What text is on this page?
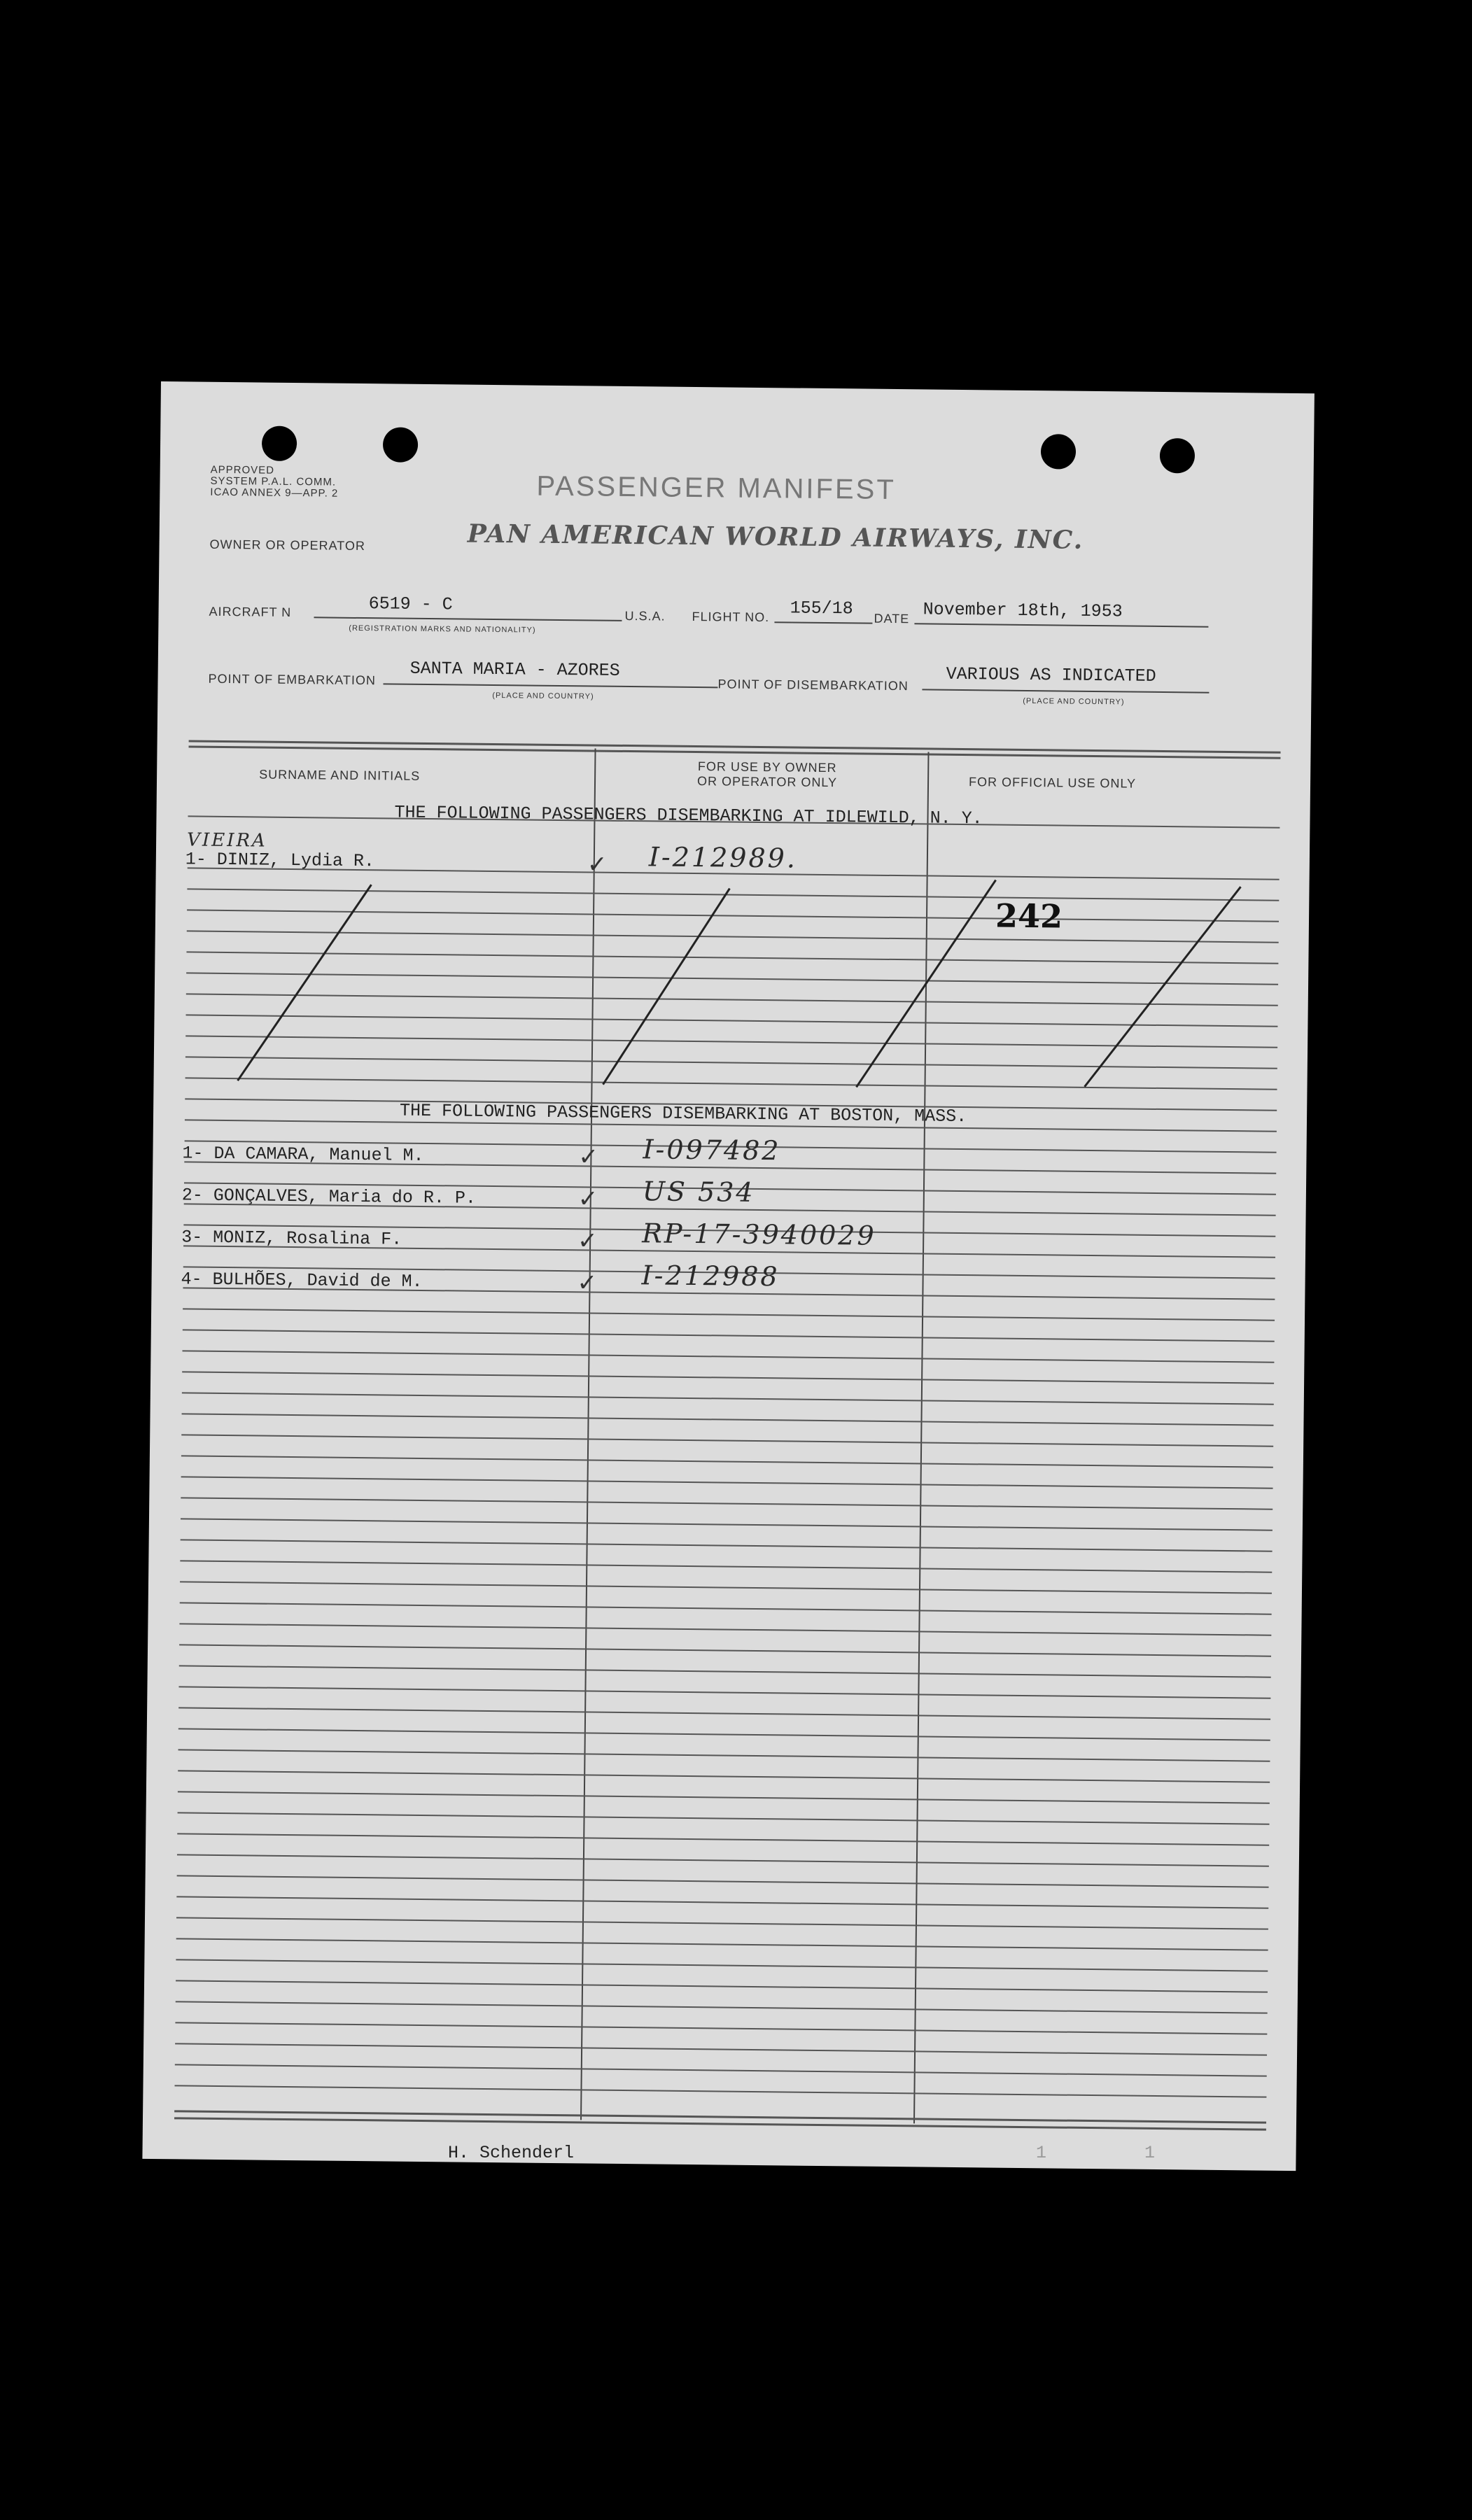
APPROVED
SYSTEM P.A.L. COMM.
ICAO ANNEX 9—APP. 2	PASSENGER MANIFEST
PAN AMERICAN WORLD AIRWAYS, INC.
OWNER OR OPERATOR
AIRCRAFT N	6519 - C
(REGISTRATION MARKS AND NATIONALITY)
U.S.A. FLIGHT NO. 155/18 DATE November 18th, 1953
POINT OF EMBARKATION SANTA MARIA - AZORES
(PLACE AND COUNTRY)
POINT OF DISEMBARKATION VARIOUS AS INDICATED
(PLACE AND COUNTRY)
SURNAME AND INITIALS
FOR USE BY OWNER
OR OPERATOR ONLY	FOR OFFICIAL USE ONLY
THE FOLLOWING PASSENGERS DISEMBARKING AT IDLEWILD, N. Y.
VIEIRA
1- DINIZ, Lydia R.	✓ I-212989.
242
THE FOLLOWING PASSENGERS DISEMBARKING AT BOSTON, MASS.
1- DA CAMARA, Manuel M.	✓ I-097482
2- GONÇALVES, Maria do R. P.	✓ US 534
3- MONIZ, Rosalina F.	✓ RP-17-3940029
4- BULHÕES, David de M.	✓ I-212988
H. Schenderl	1	1
